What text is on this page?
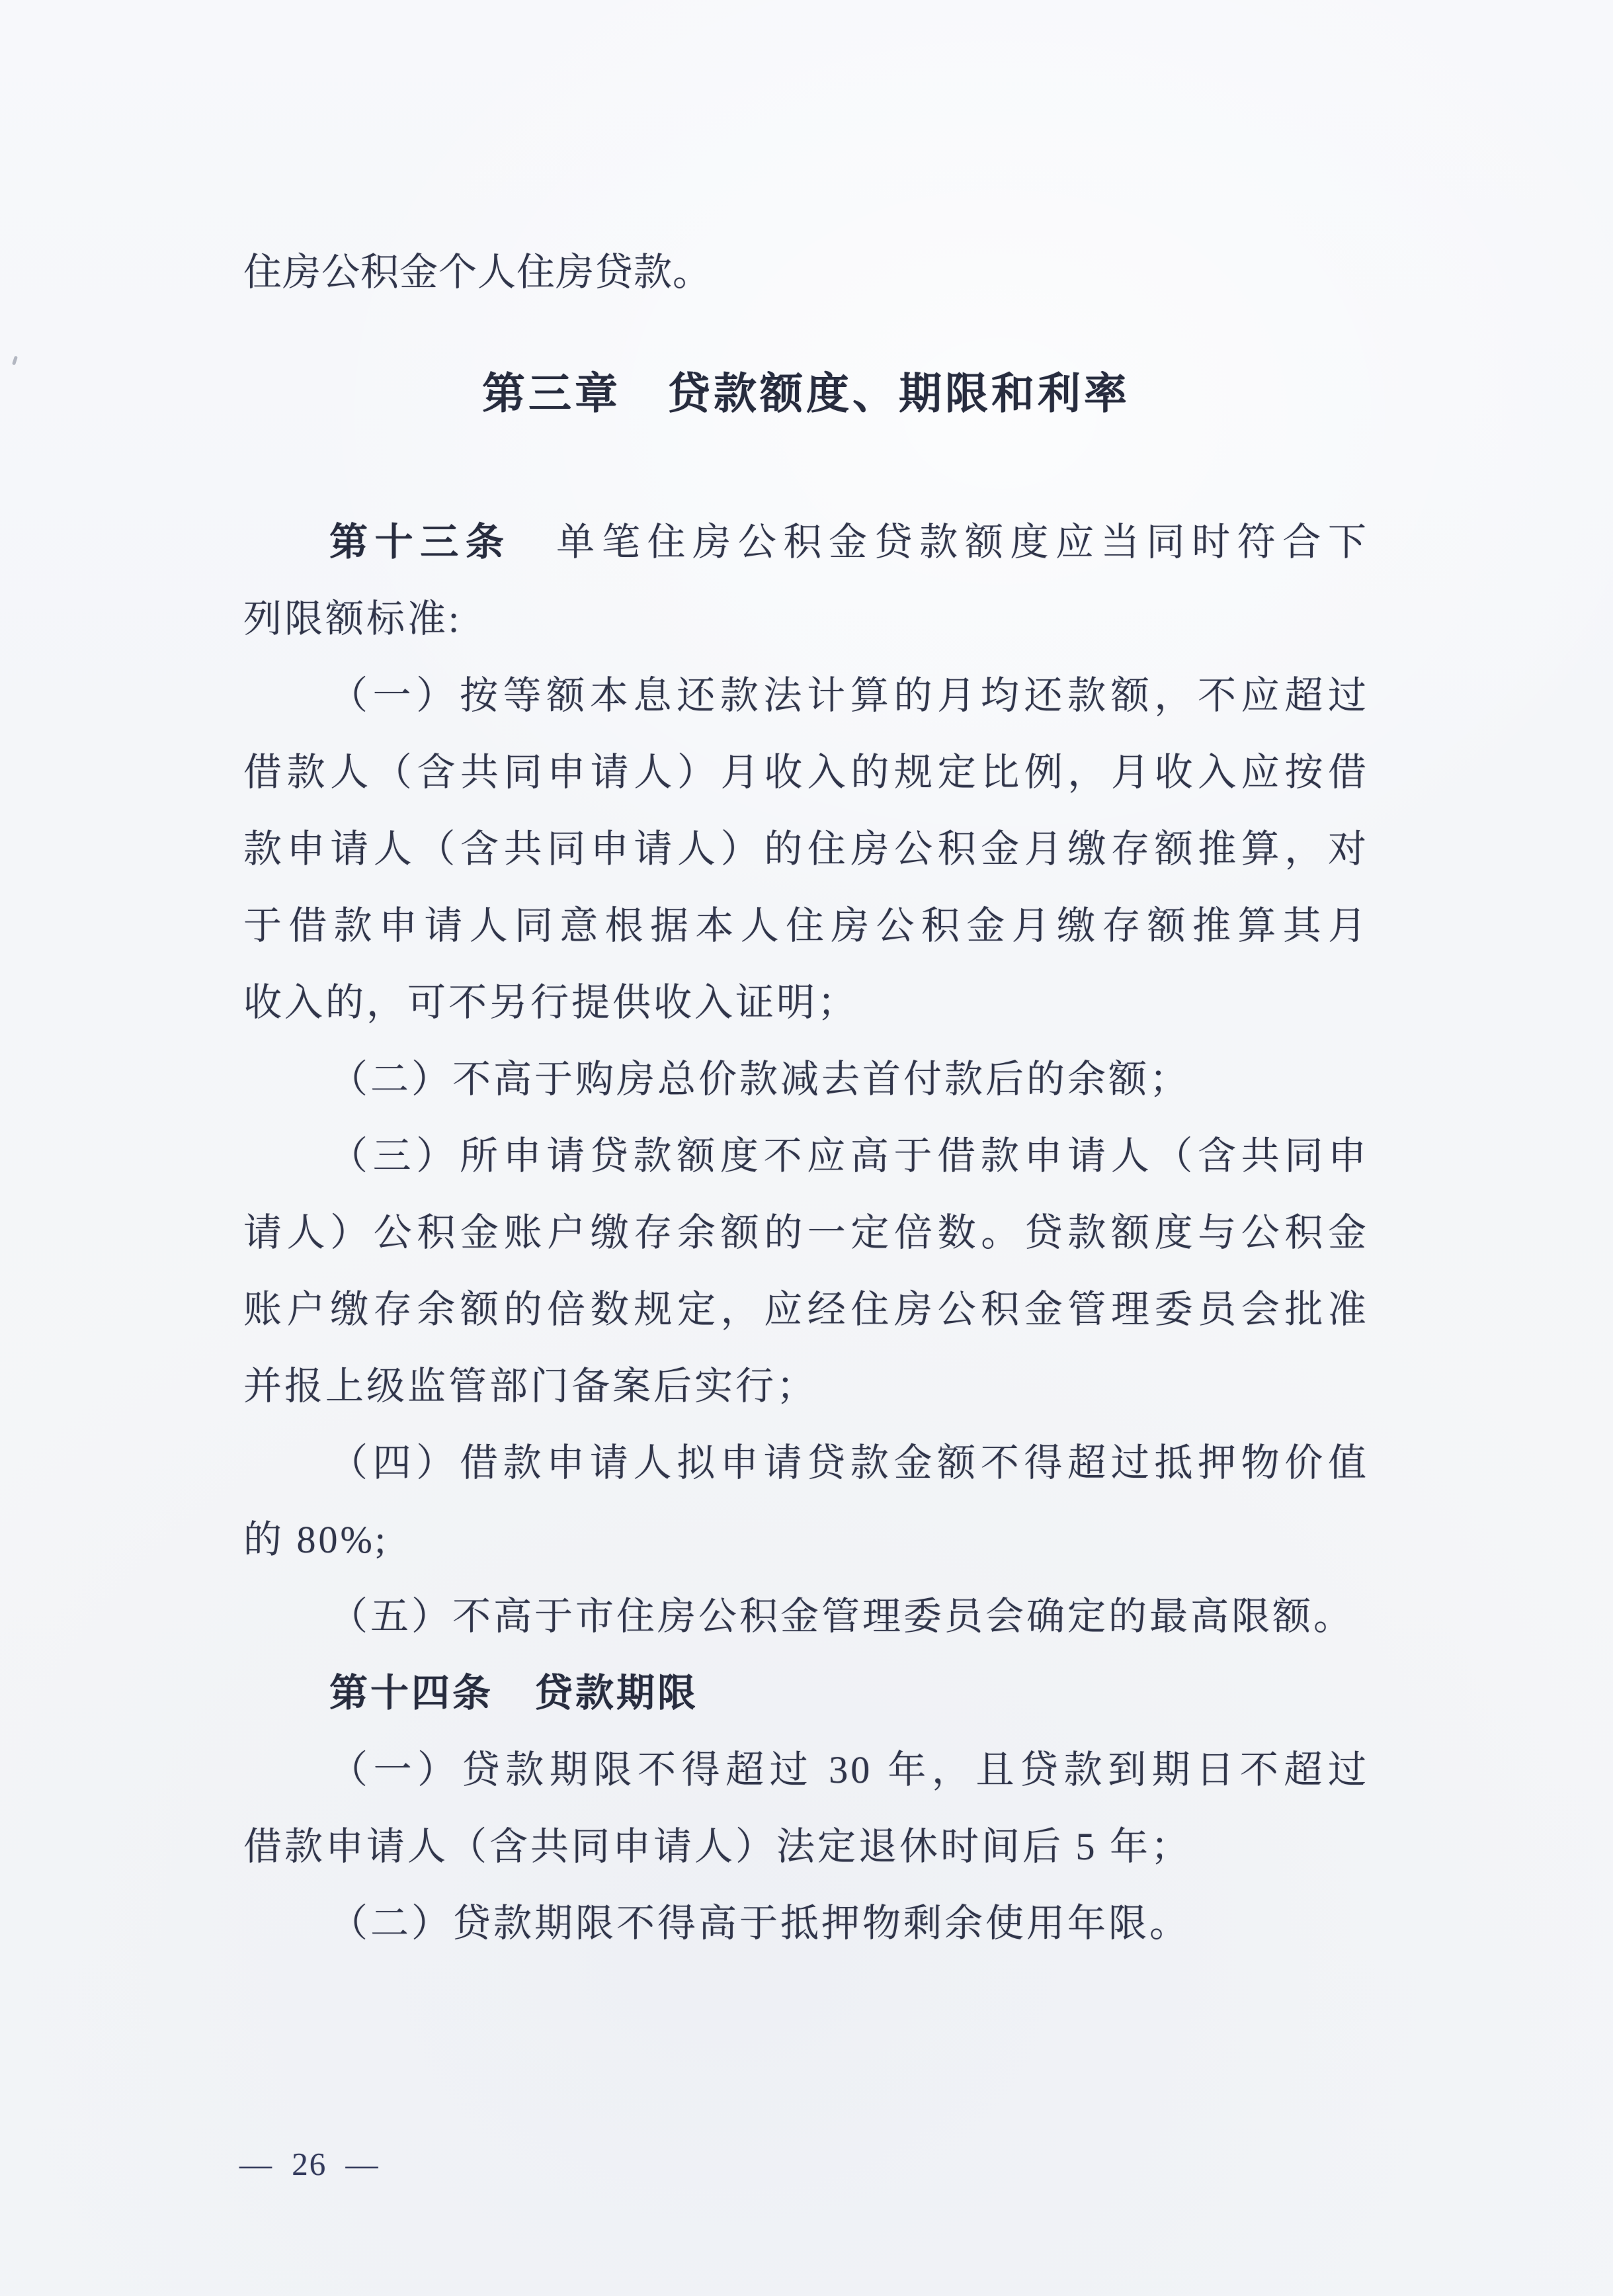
住房公积金个人住房贷款。

第三章　贷款额度、期限和利率
第十三条　单笔住房公积金贷款额度应当同时符合下
列限额标准:
（一）按等额本息还款法计算的月均还款额，不应超过
借款人（含共同申请人）月收入的规定比例，月收入应按借
款申请人（含共同申请人）的住房公积金月缴存额推算，对
于借款申请人同意根据本人住房公积金月缴存额推算其月
收入的，可不另行提供收入证明；
（二）不高于购房总价款减去首付款后的余额；
（三）所申请贷款额度不应高于借款申请人（含共同申
请人）公积金账户缴存余额的一定倍数。贷款额度与公积金
账户缴存余额的倍数规定，应经住房公积金管理委员会批准
并报上级监管部门备案后实行；
（四）借款申请人拟申请贷款金额不得超过抵押物价值
的 80%;
（五）不高于市住房公积金管理委员会确定的最高限额。
第十四条　贷款期限
（一）贷款期限不得超过 30 年，且贷款到期日不超过
借款申请人（含共同申请人）法定退休时间后 5 年；
（二）贷款期限不得高于抵押物剩余使用年限。
— 26 —
